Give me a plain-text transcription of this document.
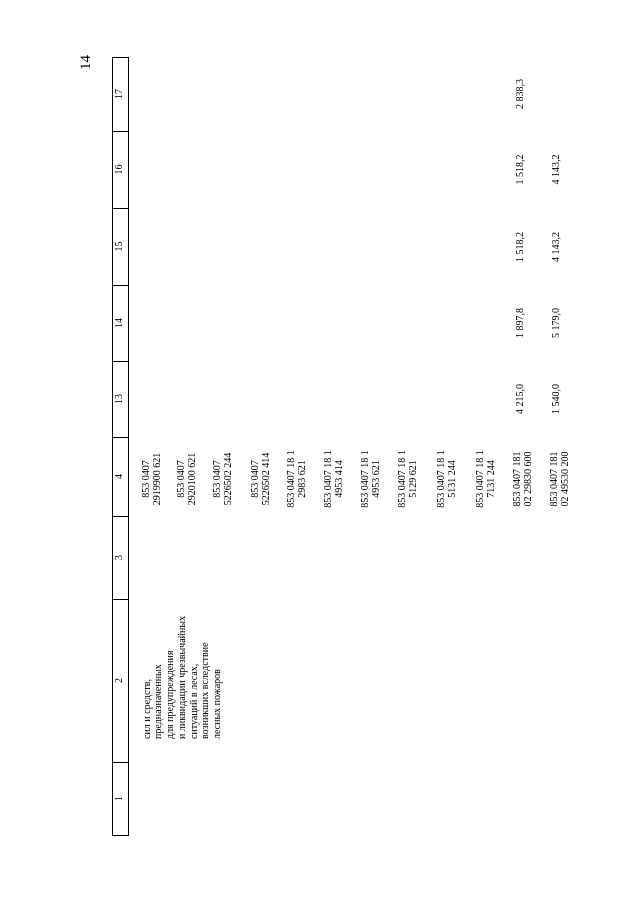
14
17
16
15
14
13
4
3
2
1
сил и средств, предназначенных для предупреждения и ликвидации чрезвычайных ситуаций в лесах, возникших вследствие лесных пожаров
853 0407 2919900 621 853 0407 2920100 621 853 0407 5226502 244 853 0407 5226502 414 853 0407 18 1 2983 621 853 0407 18 1 4953 414 853 0407 18 1 4953 621 853 0407 18 1 5129 621 853 0407 18 1 5131 244 853 0407 18 1 7131 244 853 0407 181 02 29830 600 853 0407 181 02 49530 200
4 215,0
1 897,8
1 518,2
1 518,2
2 838,3
1 540,0
5 179,0
4 143,2
4 143,2
